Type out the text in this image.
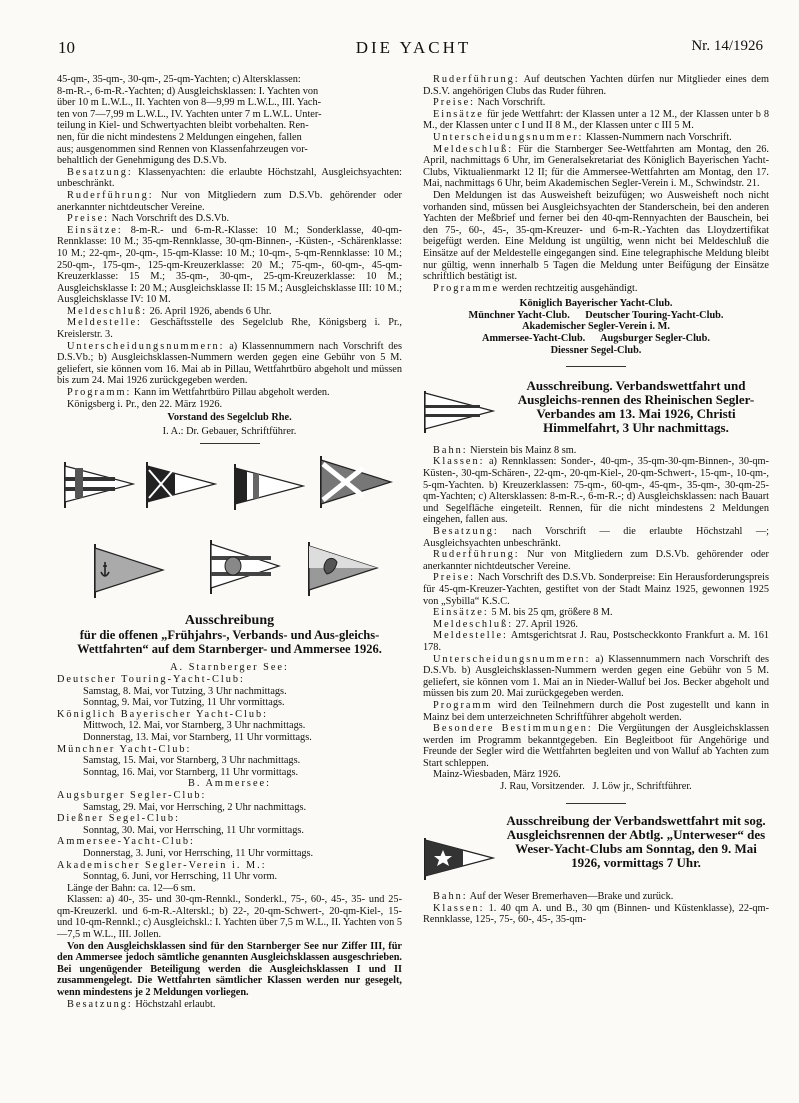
10	DIE YACHT	Nr. 14/1926

45-qm-, 35-qm-, 30-qm-, 25-qm-Yachten; c) Altersklassen:

8-m-R.-, 6-m-R.-Yachten; d) Ausgleichsklassen: I. Yachten von

über 10 m L.W.L., II. Yachten von 8—9,99 m L.W.L., III. Yach-

ten von 7—7,99 m L.W.L., IV. Yachten unter 7 m L.W.L. Unter-

teilung in Kiel- und Schwertyachten bleibt vorbehalten. Ren-

nen, für die nicht mindestens 2 Meldungen eingehen, fallen

aus; ausgenommen sind Rennen von Klassenfahrzeugen vor-

behaltlich der Genehmigung des D.S.Vb.

Besatzung: Klassenyachten: die erlaubte Höchstzahl, Ausgleichsyachten: unbeschränkt.

Ruderführung: Nur von Mitgliedern zum D.S.Vb. gehörender oder anerkannter nichtdeutscher Vereine.

Preise: Nach Vorschrift des D.S.Vb.

Einsätze: 8-m-R.- und 6-m-R.-Klasse: 10 M.; Sonderklasse, 40-qm-Rennklasse: 10 M.; 35-qm-Rennklasse, 30-qm-Binnen-, -Küsten-, -Schärenklasse: 10 M.; 22-qm-, 20-qm-, 15-qm-Klasse: 10 M.; 10-qm-, 5-qm-Rennklasse: 10 M.; 250-qm-, 175-qm-, 125-qm-Kreuzerklasse: 20 M.; 75-qm-, 60-qm-, 45-qm-Kreuzerklasse: 15 M.; 35-qm-, 30-qm-, 25-qm-Kreuzerklasse: 10 M.; Ausgleichsklasse I: 20 M.; Ausgleichsklasse II: 15 M.; Ausgleichsklasse III: 10 M.; Ausgleichsklasse IV: 10 M.

Meldeschluß: 26. April 1926, abends 6 Uhr.

Meldestelle: Geschäftsstelle des Segelclub Rhe, Königsberg i. Pr., Kreislerstr. 3.

Unterscheidungsnummern: a) Klassennummern nach Vorschrift des D.S.Vb.; b) Ausgleichsklassen-Nummern werden gegen eine Gebühr von 5 M. geliefert, sie können vom 16. Mai ab in Pillau, Wettfahrtbüro abgeholt und müssen bis zum 24. Mai 1926 zurückgegeben werden.

Programm: Kann im Wettfahrtbüro Pillau abgeholt werden.

Königsberg i. Pr., den 22. März 1926.

Vorstand des Segelclub Rhe.

I. A.: Dr. Gebauer, Schriftführer.

Ausschreibung

für die offenen „Frühjahrs-, Verbands- und Aus-gleichs-Wettfahrten“ auf dem Starnberger- und Ammersee 1926.

A. Starnberger See:

Deutscher Touring-Yacht-Club:

Samstag, 8. Mai, vor Tutzing, 3 Uhr nachmittags.

Sonntag, 9. Mai, vor Tutzing, 11 Uhr vormittags.

Königlich Bayerischer Yacht-Club:

Mittwoch, 12. Mai, vor Starnberg, 3 Uhr nachmittags.

Donnerstag, 13. Mai, vor Starnberg, 11 Uhr vormittags.

Münchner Yacht-Club:

Samstag, 15. Mai, vor Starnberg, 3 Uhr nachmittags.

Sonntag, 16. Mai, vor Starnberg, 11 Uhr vormittags.

B. Ammersee:

Augsburger Segler-Club:

Samstag, 29. Mai, vor Herrsching, 2 Uhr nachmittags.

Dießner Segel-Club:

Sonntag, 30. Mai, vor Herrsching, 11 Uhr vormittags.

Ammersee-Yacht-Club:

Donnerstag, 3. Juni, vor Herrsching, 11 Uhr vormittags.

Akademischer Segler-Verein i. M.:

Sonntag, 6. Juni, vor Herrsching, 11 Uhr vorm.

Länge der Bahn: ca. 12—6 sm.

Klassen: a) 40-, 35- und 30-qm-Rennkl., Sonderkl., 75-, 60-, 45-, 35- und 25-qm-Kreuzerkl. und 6-m-R.-Alterskl.; b) 22-, 20-qm-Schwert-, 20-qm-Kiel-, 15- und 10-qm-Rennkl.; c) Ausgleichskl.: I. Yachten über 7,5 m W.L., II. Yachten von 5—7,5 m W.L., III. Jollen.

Von den Ausgleichsklassen sind für den Starnberger See nur Ziffer III, für den Ammersee jedoch sämtliche genannten Ausgleichsklassen ausgeschrieben. Bei ungenügender Beteiligung werden die Ausgleichsklassen I und II zusammengelegt. Die Wettfahrten sämtlicher Klassen werden nur gesegelt, wenn mindestens je 2 Meldungen vorliegen.

Besatzung: Höchstzahl erlaubt.

Ruderführung: Auf deutschen Yachten dürfen nur Mitglieder eines dem D.S.V. angehörigen Clubs das Ruder führen.

Preise: Nach Vorschrift.

Einsätze für jede Wettfahrt: der Klassen unter a 12 M., der Klassen unter b 8 M., der Klassen unter c I und II 8 M., der Klassen unter c III 5 M.

Unterscheidungsnummer: Klassen-Nummern nach Vorschrift.

Meldeschluß: Für die Starnberger See-Wettfahrten am Montag, den 26. April, nachmittags 6 Uhr, im Generalsekretariat des Königlich Bayerischen Yacht-Clubs, Viktualienmarkt 12 II; für die Ammersee-Wettfahrten am Montag, den 17. Mai, nachmittags 6 Uhr, beim Akademischen Segler-Verein i. M., Schwindstr. 21.

Den Meldungen ist das Ausweisheft beizufügen; wo Ausweisheft noch nicht vorhanden sind, müssen bei Ausgleichsyachten der Standerschein, bei den anderen Yachten der Meßbrief und ferner bei den 40-qm-Rennyachten der Bauschein, bei den 75-, 60-, 45-, 35-qm-Kreuzer- und 6-m-R.-Yachten das Lloydzertifikat beigefügt werden. Eine Meldung ist ungültig, wenn nicht bei Meldeschluß die Einsätze auf der Meldestelle eingegangen sind. Eine telegraphische Meldung bleibt nur gültig, wenn innerhalb 5 Tagen die Meldung unter Beifügung der Einsätze schriftlich bestätigt ist.

Programme werden rechtzeitig ausgehändigt.

Königlich Bayerischer Yacht-Club.

Münchner Yacht-Club.      Deutscher Touring-Yacht-Club.

Akademischer Segler-Verein i. M.

Ammersee-Yacht-Club.      Augsburger Segler-Club.

Diessner Segel-Club.

Ausschreibung. Verbandswettfahrt und Ausgleichs-rennen des Rheinischen Segler-Verbandes am 13. Mai 1926, Christi Himmelfahrt, 3 Uhr nachmittags.

Bahn: Nierstein bis Mainz 8 sm.

Klassen: a) Rennklassen: Sonder-, 40-qm-, 35-qm-30-qm-Binnen-, 30-qm-Küsten-, 30-qm-Schären-, 22-qm-, 20-qm-Kiel-, 20-qm-Schwert-, 15-qm-, 10-qm-, 5-qm-Yachten. b) Kreuzerklassen: 75-qm-, 60-qm-, 45-qm-, 35-qm-, 30-qm-25-qm-Yachten; c) Altersklassen: 8-m-R.-, 6-m-R.-; d) Ausgleichsklassen: nach Bauart und Segelfläche eingeteilt. Rennen, für die nicht mindestens 2 Meldungen eingehen, fallen aus.

Besatzung: nach Vorschrift — die erlaubte Höchstzahl —; Ausgleichsyachten unbeschränkt.

Ruderführung: Nur von Mitgliedern zum D.S.Vb. gehörender oder anerkannter nichtdeutscher Vereine.

Preise: Nach Vorschrift des D.S.Vb. Sonderpreise: Ein Herausforderungspreis für 45-qm-Kreuzer-Yachten, gestiftet von der Stadt Mainz 1925, gewonnen 1925 von „Sybilla“ K.S.C.

Einsätze: 5 M. bis 25 qm, größere 8 M.

Meldeschluß: 27. April 1926.

Meldestelle: Amtsgerichtsrat J. Rau, Postscheckkonto Frankfurt a. M. 161 178.

Unterscheidungsnummern: a) Klassennummern nach Vorschrift des D.S.Vb. b) Ausgleichsklassen-Nummern werden gegen eine Gebühr von 5 M. geliefert, sie können vom 1. Mai an in Nieder-Walluf bei Jos. Becker abgeholt und müssen bis zum 20. Mai zurückgegeben werden.

Programm wird den Teilnehmern durch die Post zugestellt und kann in Mainz bei dem unterzeichneten Schriftführer abgeholt werden.

Besondere Bestimmungen: Die Vergütungen der Ausgleichsklassen werden im Programm bekanntgegeben. Ein Begleitboot für Angehörige und Freunde der Segler wird die Wettfahrten begleiten und von Walluf ab Yachten zum Start schleppen.

Mainz-Wiesbaden, März 1926.

J. Rau, Vorsitzender.   J. Löw jr., Schriftführer.

Ausschreibung der Verbandswettfahrt mit sog. Ausgleichsrennen der Abtlg. „Unterweser“ des Weser-Yacht-Clubs am Sonntag, den 9. Mai 1926, vormittags 7 Uhr.

Bahn: Auf der Weser Bremerhaven—Brake und zurück.

Klassen: 1. 40 qm A. und B., 30 qm (Binnen- und Küstenklasse), 22-qm-Rennklasse, 125-, 75-, 60-, 45-, 35-qm-
